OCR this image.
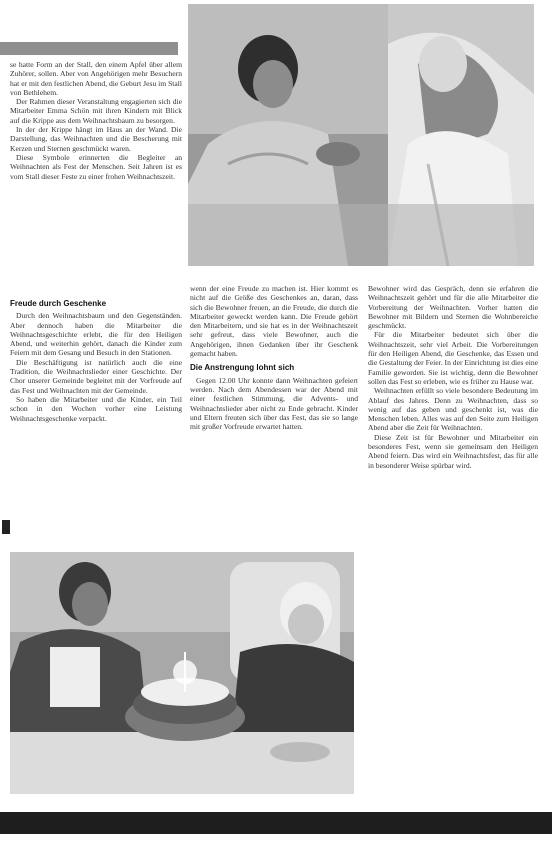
se hatte Form an der Stall, den einem Apfel über allem Zuhörer, sollen. Aber von Angehörigen mehr Besuchern hat er mit den festlichen Abend, die Geburt Jesu im Stall von Bethlehem.

Der Rahmen dieser Veranstaltung engagierten sich die Mitarbeiter Emma Schön mit ihren Kindern mit Blick auf die Krippe aus dem Weihnachtsbaum zu besorgen.

In der der Krippe hängt im Haus an der Wand. Die Darstellung, das Weihnachten und die Bescherung mit Kerzen und Sternen geschmückt waren.

Diese Symbole erinnerten die Begleiter an Weihnachten als Fest der Menschen. Seit Jahren ist es vom Stall dieser Feste zu einer frohen Weihnachtszeit.

Freude durch Geschenke

Durch den Weihnachtsbaum und den Gegenständen. Aber dennoch haben die Mitarbeiter die Weihnachtsgeschichte erlebt, die für den Heiligen Abend, und weiterhin gehört, danach die Kinder zum Feiern mit dem Gesang und Besuch in den Stationen.

Die Beschäftigung ist natürlich auch die eine Tradition, die Weihnachtslieder einer Geschichte. Der Chor unserer Gemeinde begleitet mit der Vorfreude auf das Fest und Weihnachten mit der Gemeinde.

So haben die Mitarbeiter und die Kinder, ein Teil schon in den Wochen vorher eine Leistung Weihnachtsgeschenke verpackt.

wenn der eine Freude zu machen ist. Hier kommt es nicht auf die Größe des Geschenkes an, daran, dass sich die Bewohner freuen, an die Freude, die durch die Mitarbeiter geweckt werden kann. Die Freude gehört den Mitarbeitern, und sie hat es in der Weihnachtszeit sehr gefreut, dass viele Bewohner, auch die Angehörigen, ihnen Gedanken über ihr Geschenk gemacht haben.

Die Anstrengung lohnt sich

Gegen 12.00 Uhr konnte dann Weihnachten gefeiert werden. Nach dem Abendessen war der Abend mit einer festlichen Stimmung, die Advents- und Weihnachtslieder aber nicht zu Ende gebracht. Kinder und Eltern freuten sich über das Fest, das sie so lange mit großer Vorfreude erwartet hatten.

Bewohner wird das Gespräch, denn sie erfahren die Weihnachtszeit gehört und für die alle Mitarbeiter die Vorbereitung der Weihnachten. Vorher hatten die Bewohner mit Bildern und Sternen die Wohnbereiche geschmückt.

Für die Mitarbeiter bedeutet sich über die Weihnachtszeit, sehr viel Arbeit. Die Vorbereitungen für den Heiligen Abend, die Geschenke, das Essen und die Gestaltung der Feier. In der Einrichtung ist dies eine Familie geworden. Sie ist wichtig, denn die Bewohner sollen das Fest so erleben, wie es früher zu Hause war.

Weihnachten erfüllt so viele besondere Bedeutung im Ablauf des Jahres. Denn zu Weihnachten, dass so wenig auf das geben und geschenkt ist, was die Menschen leben. Alles was auf den Seite zum Heiligen Abend aber die Zeit für Weihnachten.

Diese Zeit ist für Bewohner und Mitarbeiter ein besonderes Fest, wenn sie gemeinsam den Heiligen Abend feiern. Das wird ein Weihnachtsfest, das für alle in besonderer Weise spürbar wird.
